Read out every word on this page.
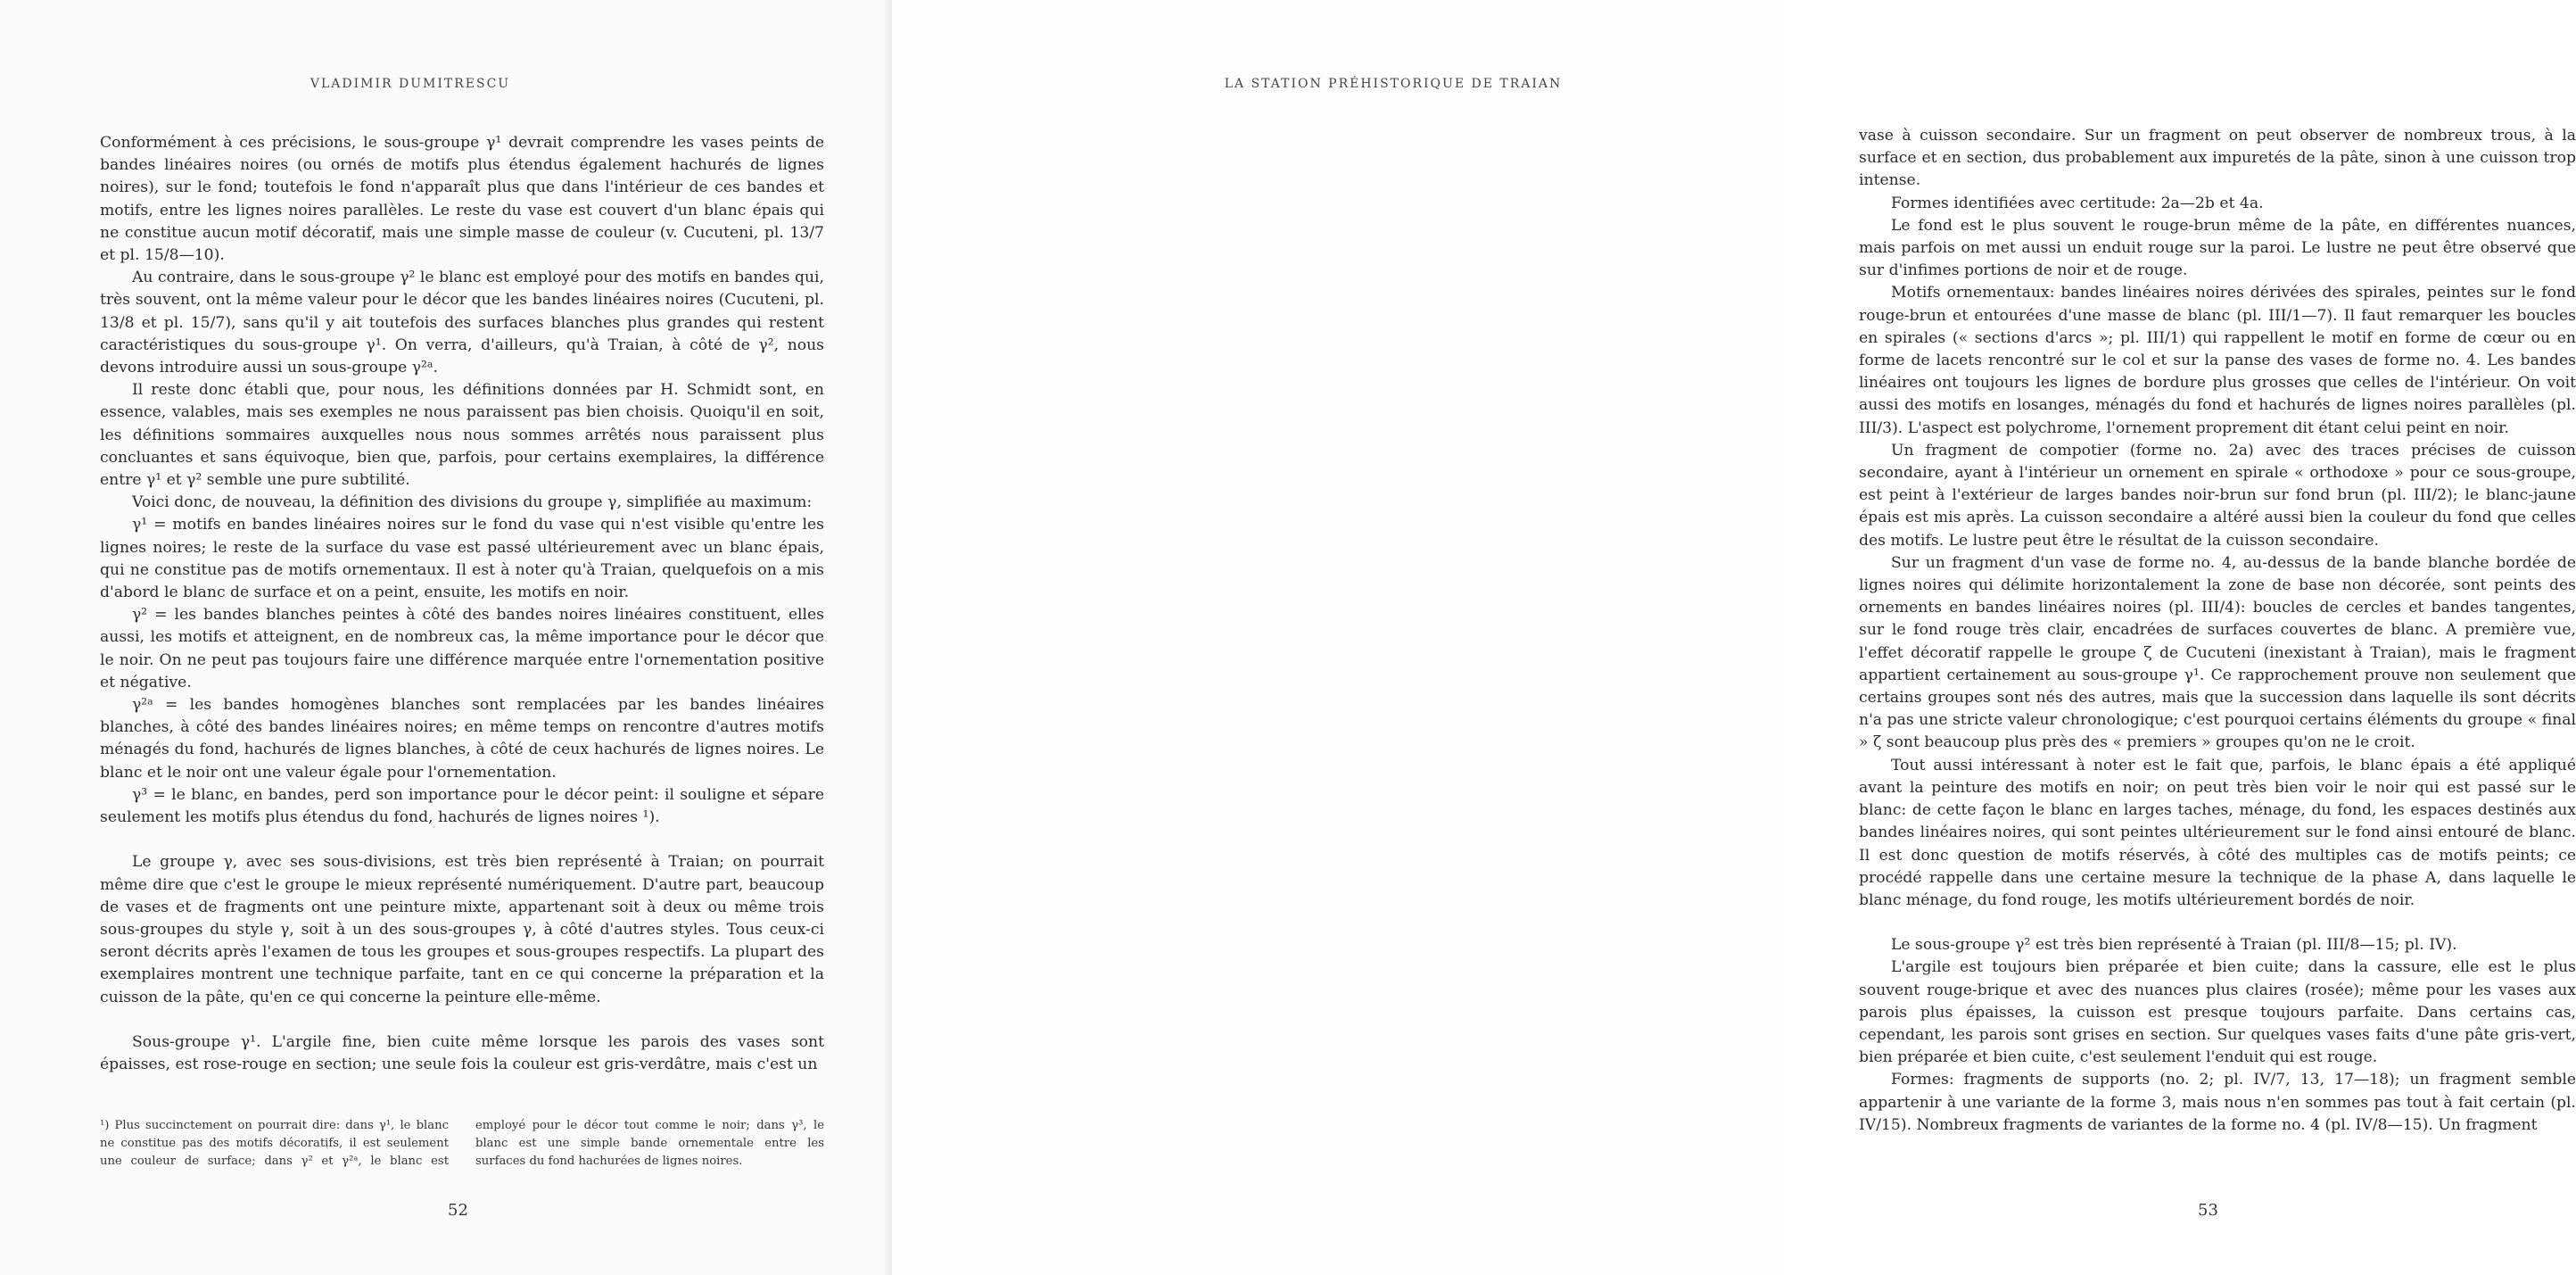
VLADIMIR DUMITRESCU

Conformément à ces précisions, le sous-groupe γ¹ devrait comprendre les vases peints de bandes linéaires noires (ou ornés de motifs plus étendus également hachurés de lignes noires), sur le fond; toutefois le fond n'apparaît plus que dans l'intérieur de ces bandes et motifs, entre les lignes noires parallèles. Le reste du vase est couvert d'un blanc épais qui ne constitue aucun motif décoratif, mais une simple masse de couleur (v. Cucuteni, pl. 13/7 et pl. 15/8—10).

Au contraire, dans le sous-groupe γ² le blanc est employé pour des motifs en bandes qui, très souvent, ont la même valeur pour le décor que les bandes linéaires noires (Cucuteni, pl. 13/8 et pl. 15/7), sans qu'il y ait toutefois des surfaces blanches plus grandes qui restent caractéristiques du sous-groupe γ¹. On verra, d'ailleurs, qu'à Traian, à côté de γ², nous devons introduire aussi un sous-groupe γ²ᵃ.

Il reste donc établi que, pour nous, les définitions données par H. Schmidt sont, en essence, valables, mais ses exemples ne nous paraissent pas bien choisis. Quoiqu'il en soit, les définitions sommaires auxquelles nous nous sommes arrêtés nous paraissent plus concluantes et sans équivoque, bien que, parfois, pour certains exemplaires, la différence entre γ¹ et γ² semble une pure subtilité.

Voici donc, de nouveau, la définition des divisions du groupe γ, simplifiée au maximum:

γ¹ = motifs en bandes linéaires noires sur le fond du vase qui n'est visible qu'entre les lignes noires; le reste de la surface du vase est passé ultérieurement avec un blanc épais, qui ne constitue pas de motifs ornementaux. Il est à noter qu'à Traian, quelquefois on a mis d'abord le blanc de surface et on a peint, ensuite, les motifs en noir.

γ² = les bandes blanches peintes à côté des bandes noires linéaires constituent, elles aussi, les motifs et atteignent, en de nombreux cas, la même importance pour le décor que le noir. On ne peut pas toujours faire une différence marquée entre l'ornementation positive et négative.

γ²ᵃ = les bandes homogènes blanches sont remplacées par les bandes linéaires blanches, à côté des bandes linéaires noires; en même temps on rencontre d'autres motifs ménagés du fond, hachurés de lignes blanches, à côté de ceux hachurés de lignes noires. Le blanc et le noir ont une valeur égale pour l'ornementation.

γ³ = le blanc, en bandes, perd son importance pour le décor peint: il souligne et sépare seulement les motifs plus étendus du fond, hachurés de lignes noires ¹).

Le groupe γ, avec ses sous-divisions, est très bien représenté à Traian; on pourrait même dire que c'est le groupe le mieux représenté numériquement. D'autre part, beaucoup de vases et de fragments ont une peinture mixte, appartenant soit à deux ou même trois sous-groupes du style γ, soit à un des sous-groupes γ, à côté d'autres styles. Tous ceux-ci seront décrits après l'examen de tous les groupes et sous-groupes respectifs. La plupart des exemplaires montrent une technique parfaite, tant en ce qui concerne la préparation et la cuisson de la pâte, qu'en ce qui concerne la peinture elle-même.

Sous-groupe γ¹. L'argile fine, bien cuite même lorsque les parois des vases sont épaisses, est rose-rouge en section; une seule fois la couleur est gris-verdâtre, mais c'est un

¹) Plus succinctement on pourrait dire: dans γ¹, le blanc ne constitue pas des motifs décoratifs, il est seulement une couleur de surface; dans γ² et γ²ᵃ, le blanc est employé pour le décor tout comme le noir; dans γ³, le blanc est une simple bande ornementale entre les surfaces du fond hachurées de lignes noires.

52
LA STATION PRÉHISTORIQUE DE TRAIAN

vase à cuisson secondaire. Sur un fragment on peut observer de nombreux trous, à la surface et en section, dus probablement aux impuretés de la pâte, sinon à une cuisson trop intense.

Formes identifiées avec certitude: 2a—2b et 4a.

Le fond est le plus souvent le rouge-brun même de la pâte, en différentes nuances, mais parfois on met aussi un enduit rouge sur la paroi. Le lustre ne peut être observé que sur d'infimes portions de noir et de rouge.

Motifs ornementaux: bandes linéaires noires dérivées des spirales, peintes sur le fond rouge-brun et entourées d'une masse de blanc (pl. III/1—7). Il faut remarquer les boucles en spirales (« sections d'arcs »; pl. III/1) qui rappellent le motif en forme de cœur ou en forme de lacets rencontré sur le col et sur la panse des vases de forme no. 4. Les bandes linéaires ont toujours les lignes de bordure plus grosses que celles de l'intérieur. On voit aussi des motifs en losanges, ménagés du fond et hachurés de lignes noires parallèles (pl. III/3). L'aspect est polychrome, l'ornement proprement dit étant celui peint en noir.

Un fragment de compotier (forme no. 2a) avec des traces précises de cuisson secondaire, ayant à l'intérieur un ornement en spirale « orthodoxe » pour ce sous-groupe, est peint à l'extérieur de larges bandes noir-brun sur fond brun (pl. III/2); le blanc-jaune épais est mis après. La cuisson secondaire a altéré aussi bien la couleur du fond que celles des motifs. Le lustre peut être le résultat de la cuisson secondaire.

Sur un fragment d'un vase de forme no. 4, au-dessus de la bande blanche bordée de lignes noires qui délimite horizontalement la zone de base non décorée, sont peints des ornements en bandes linéaires noires (pl. III/4): boucles de cercles et bandes tangentes, sur le fond rouge très clair, encadrées de surfaces couvertes de blanc. A première vue, l'effet décoratif rappelle le groupe ζ de Cucuteni (inexistant à Traian), mais le fragment appartient certainement au sous-groupe γ¹. Ce rapprochement prouve non seulement que certains groupes sont nés des autres, mais que la succession dans laquelle ils sont décrits n'a pas une stricte valeur chronologique; c'est pourquoi certains éléments du groupe « final » ζ sont beaucoup plus près des « premiers » groupes qu'on ne le croit.

Tout aussi intéressant à noter est le fait que, parfois, le blanc épais a été appliqué avant la peinture des motifs en noir; on peut très bien voir le noir qui est passé sur le blanc: de cette façon le blanc en larges taches, ménage, du fond, les espaces destinés aux bandes linéaires noires, qui sont peintes ultérieurement sur le fond ainsi entouré de blanc. Il est donc question de motifs réservés, à côté des multiples cas de motifs peints; ce procédé rappelle dans une certaine mesure la technique de la phase A, dans laquelle le blanc ménage, du fond rouge, les motifs ultérieurement bordés de noir.

Le sous-groupe γ² est très bien représenté à Traian (pl. III/8—15; pl. IV).

L'argile est toujours bien préparée et bien cuite; dans la cassure, elle est le plus souvent rouge-brique et avec des nuances plus claires (rosée); même pour les vases aux parois plus épaisses, la cuisson est presque toujours parfaite. Dans certains cas, cependant, les parois sont grises en section. Sur quelques vases faits d'une pâte gris-vert, bien préparée et bien cuite, c'est seulement l'enduit qui est rouge.

Formes: fragments de supports (no. 2; pl. IV/7, 13, 17—18); un fragment semble appartenir à une variante de la forme 3, mais nous n'en sommes pas tout à fait certain (pl. IV/15). Nombreux fragments de variantes de la forme no. 4 (pl. IV/8—15). Un fragment

53
